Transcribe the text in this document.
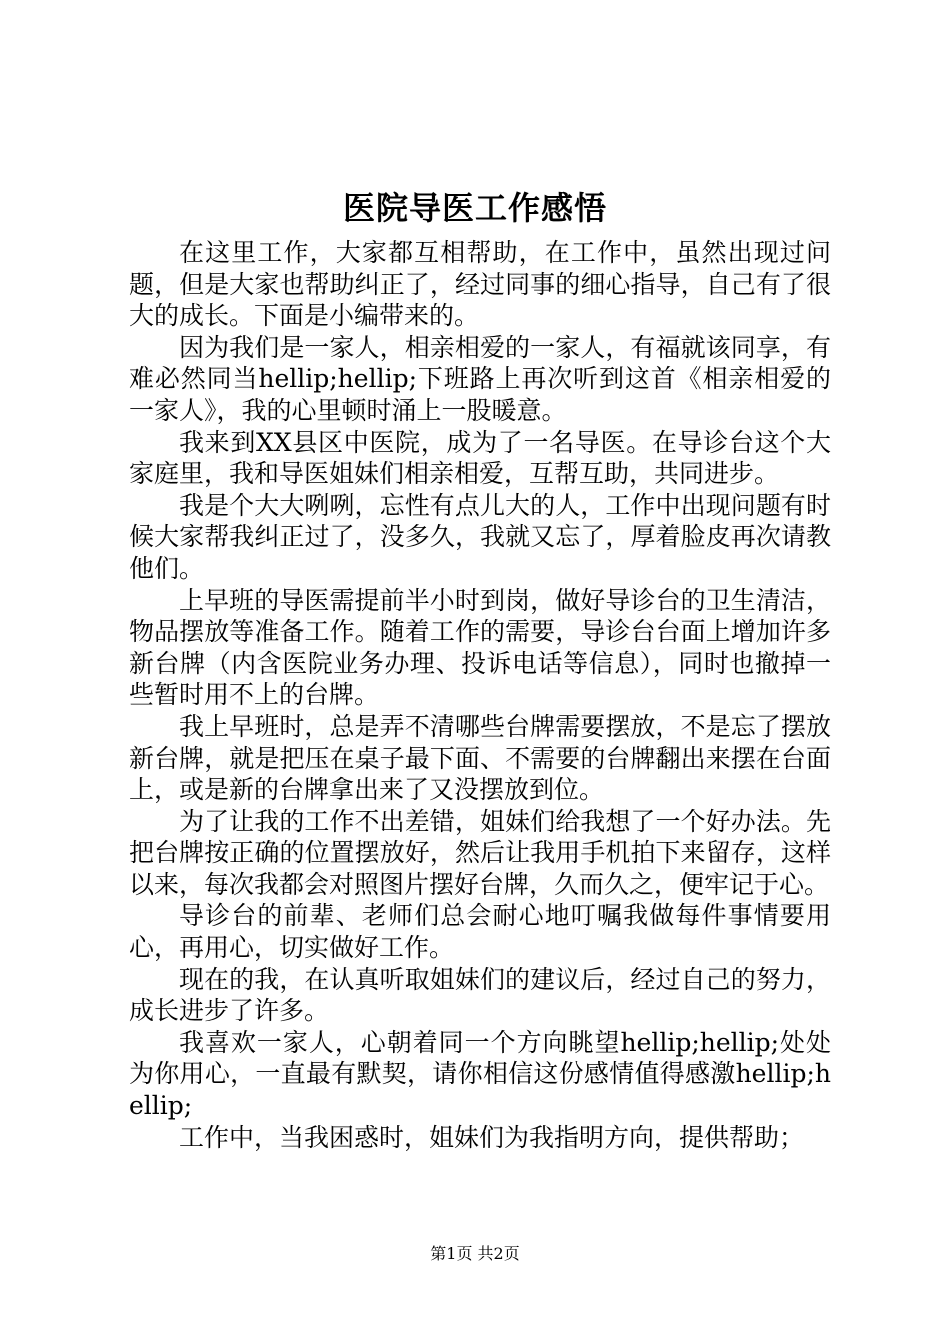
医院导医工作感悟

在这里工作，大家都互相帮助，在工作中，虽然出现过问题，但是大家也帮助纠正了，经过同事的细心指导，自己有了很大的成长。下面是小编带来的。

因为我们是一家人，相亲相爱的一家人，有福就该同享，有难必然同当hellip;hellip;下班路上再次听到这首《相亲相爱的一家人》，我的心里顿时涌上一股暖意。

我来到XX县区中医院，成为了一名导医。在导诊台这个大家庭里，我和导医姐妹们相亲相爱，互帮互助，共同进步。

我是个大大咧咧，忘性有点儿大的人，工作中出现问题有时候大家帮我纠正过了，没多久，我就又忘了，厚着脸皮再次请教他们。

上早班的导医需提前半小时到岗，做好导诊台的卫生清洁，物品摆放等准备工作。随着工作的需要，导诊台台面上增加许多新台牌（内含医院业务办理、投诉电话等信息），同时也撤掉一些暂时用不上的台牌。

我上早班时，总是弄不清哪些台牌需要摆放，不是忘了摆放新台牌，就是把压在桌子最下面、不需要的台牌翻出来摆在台面上，或是新的台牌拿出来了又没摆放到位。

为了让我的工作不出差错，姐妹们给我想了一个好办法。先把台牌按正确的位置摆放好，然后让我用手机拍下来留存，这样以来，每次我都会对照图片摆好台牌，久而久之，便牢记于心。

导诊台的前辈、老师们总会耐心地叮嘱我做每件事情要用心，再用心，切实做好工作。

现在的我，在认真听取姐妹们的建议后，经过自己的努力，成长进步了许多。

我喜欢一家人，心朝着同一个方向眺望hellip;hellip;处处为你用心，一直最有默契，请你相信这份感情值得感激hellip;hellip;

工作中，当我困惑时，姐妹们为我指明方向，提供帮助；

第1页 共2页
